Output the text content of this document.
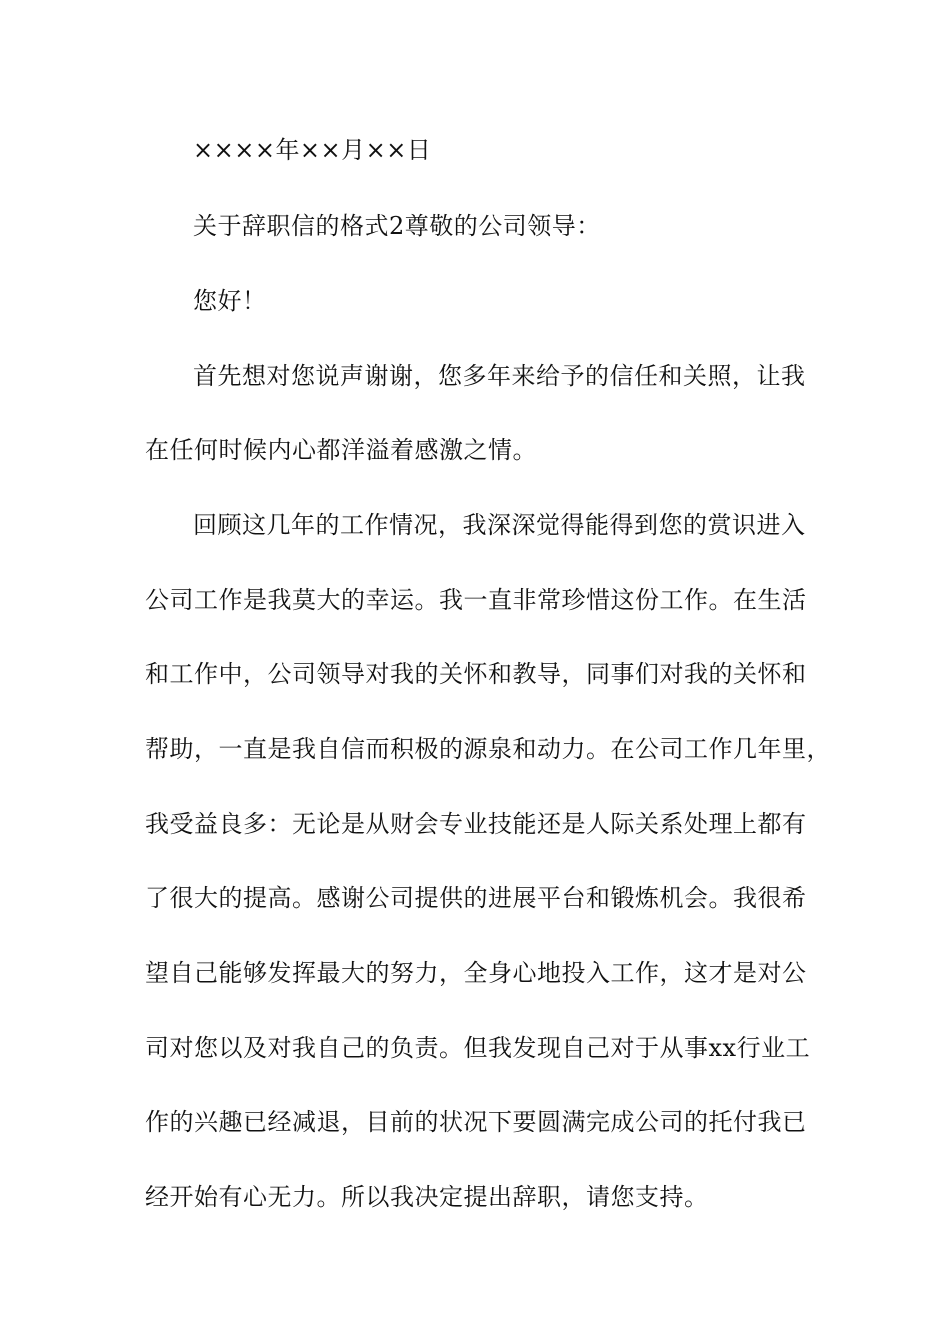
××××年××月××日
关于辞职信的格式2尊敬的公司领导：
您好！
首先想对您说声谢谢，您多年来给予的信任和关照，让我
在任何时候内心都洋溢着感激之情。
回顾这几年的工作情况，我深深觉得能得到您的赏识进入
公司工作是我莫大的幸运。我一直非常珍惜这份工作。在生活
和工作中，公司领导对我的关怀和教导，同事们对我的关怀和
帮助，一直是我自信而积极的源泉和动力。在公司工作几年里，
我受益良多：无论是从财会专业技能还是人际关系处理上都有
了很大的提高。感谢公司提供的进展平台和锻炼机会。我很希
望自己能够发挥最大的努力，全身心地投入工作，这才是对公
司对您以及对我自己的负责。但我发现自己对于从事xx行业工
作的兴趣已经减退，目前的状况下要圆满完成公司的托付我已
经开始有心无力。所以我决定提出辞职，请您支持。
